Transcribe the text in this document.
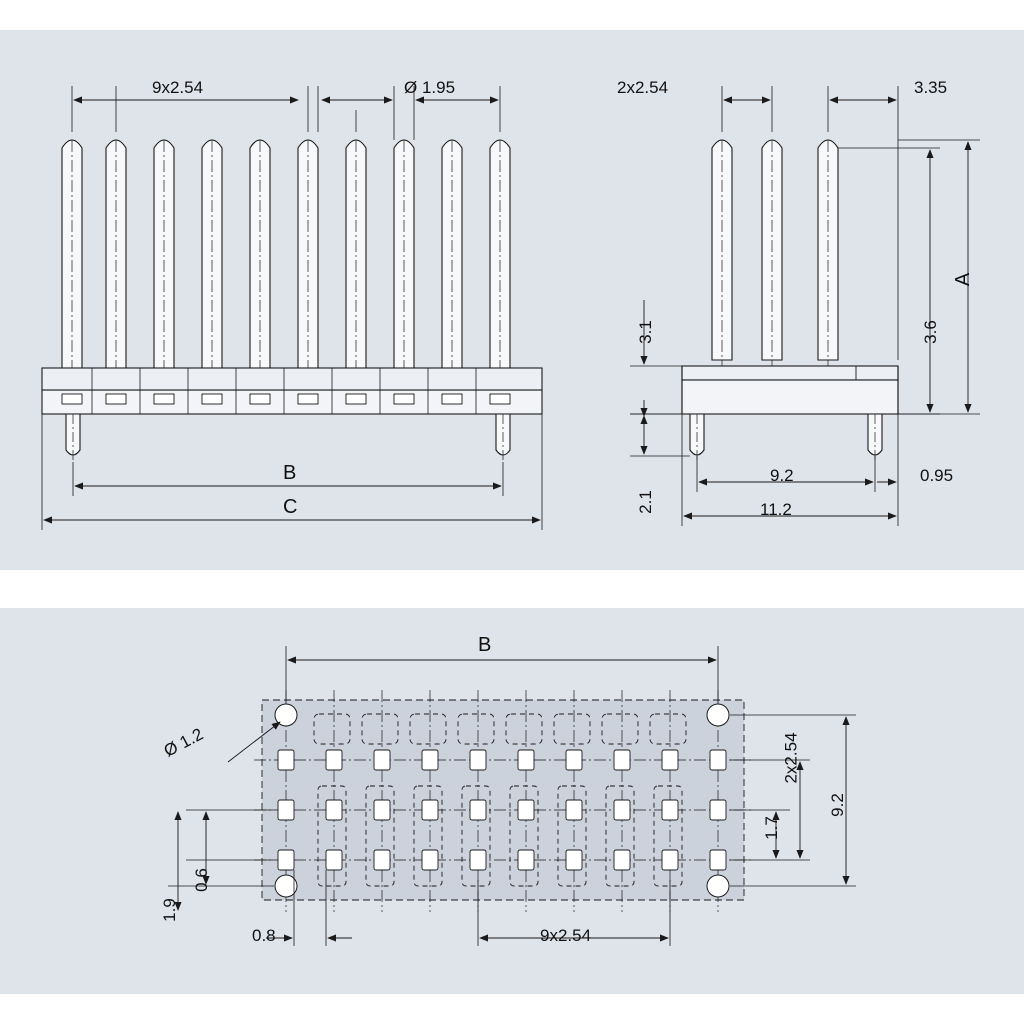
9x2.54	Ø 1.95
B
C
2x2.54	3.35
A
3.6
3.1
2.1
9.2	0.95
11.2
B
Ø 1.2	2x2.54
9.2
1.7
1.9
0.6
0.8	9x2.54
